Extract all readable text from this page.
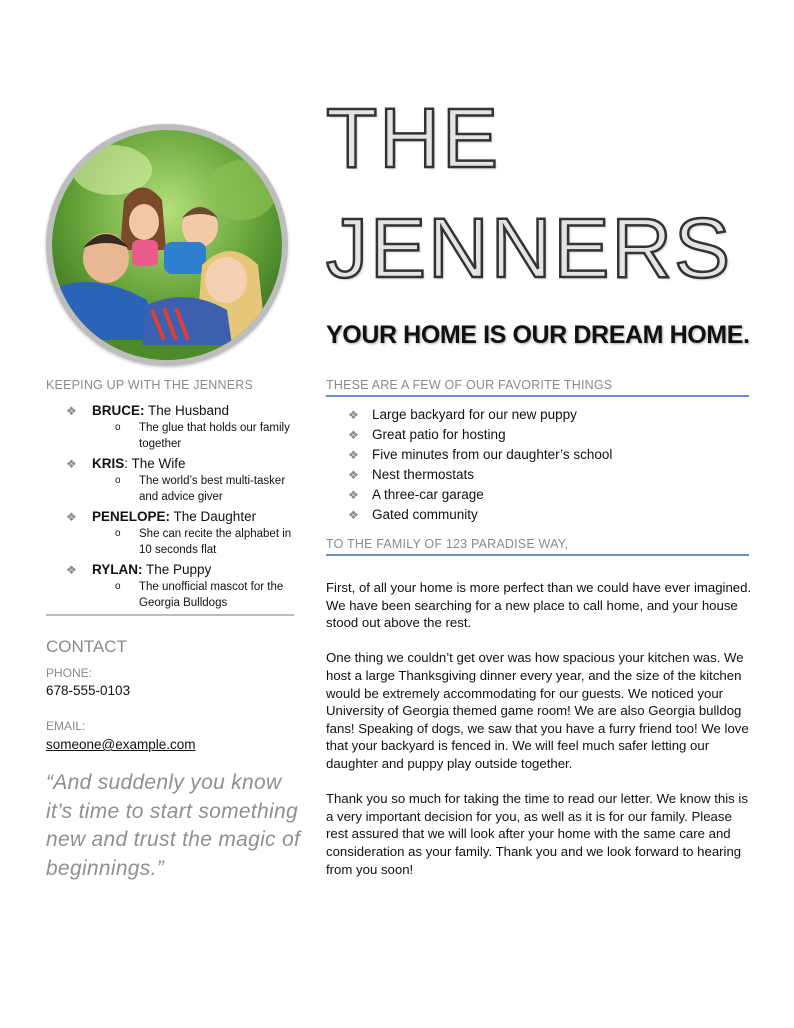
THE
JENNERS
YOUR HOME IS OUR DREAM HOME.
KEEPING UP WITH THE JENNERS
❖ BRUCE: The Husband
o The glue that holds our family together
❖ KRIS: The Wife
o The world’s best multi-tasker and advice giver
❖ PENELOPE: The Daughter
o She can recite the alphabet in 10 seconds flat
❖ RYLAN: The Puppy
o The unofficial mascot for the Georgia Bulldogs
CONTACT
PHONE:
678-555-0103
EMAIL:
someone@example.com
“And suddenly you know it’s time to start something new and trust the magic of beginnings.”
THESE ARE A FEW OF OUR FAVORITE THINGS
❖ Large backyard for our new puppy
❖ Great patio for hosting
❖ Five minutes from our daughter’s school
❖ Nest thermostats
❖ A three-car garage
❖ Gated community
TO THE FAMILY OF 123 PARADISE WAY,

First, of all your home is more perfect than we could have ever imagined. We have been searching for a new place to call home, and your house stood out above the rest.

One thing we couldn’t get over was how spacious your kitchen was. We host a large Thanksgiving dinner every year, and the size of the kitchen would be extremely accommodating for our guests. We noticed your University of Georgia themed game room! We are also Georgia bulldog fans! Speaking of dogs, we saw that you have a furry friend too! We love that your backyard is fenced in. We will feel much safer letting our daughter and puppy play outside together.

Thank you so much for taking the time to read our letter. We know this is a very important decision for you, as well as it is for our family. Please rest assured that we will look after your home with the same care and consideration as your family. Thank you and we look forward to hearing from you soon!
